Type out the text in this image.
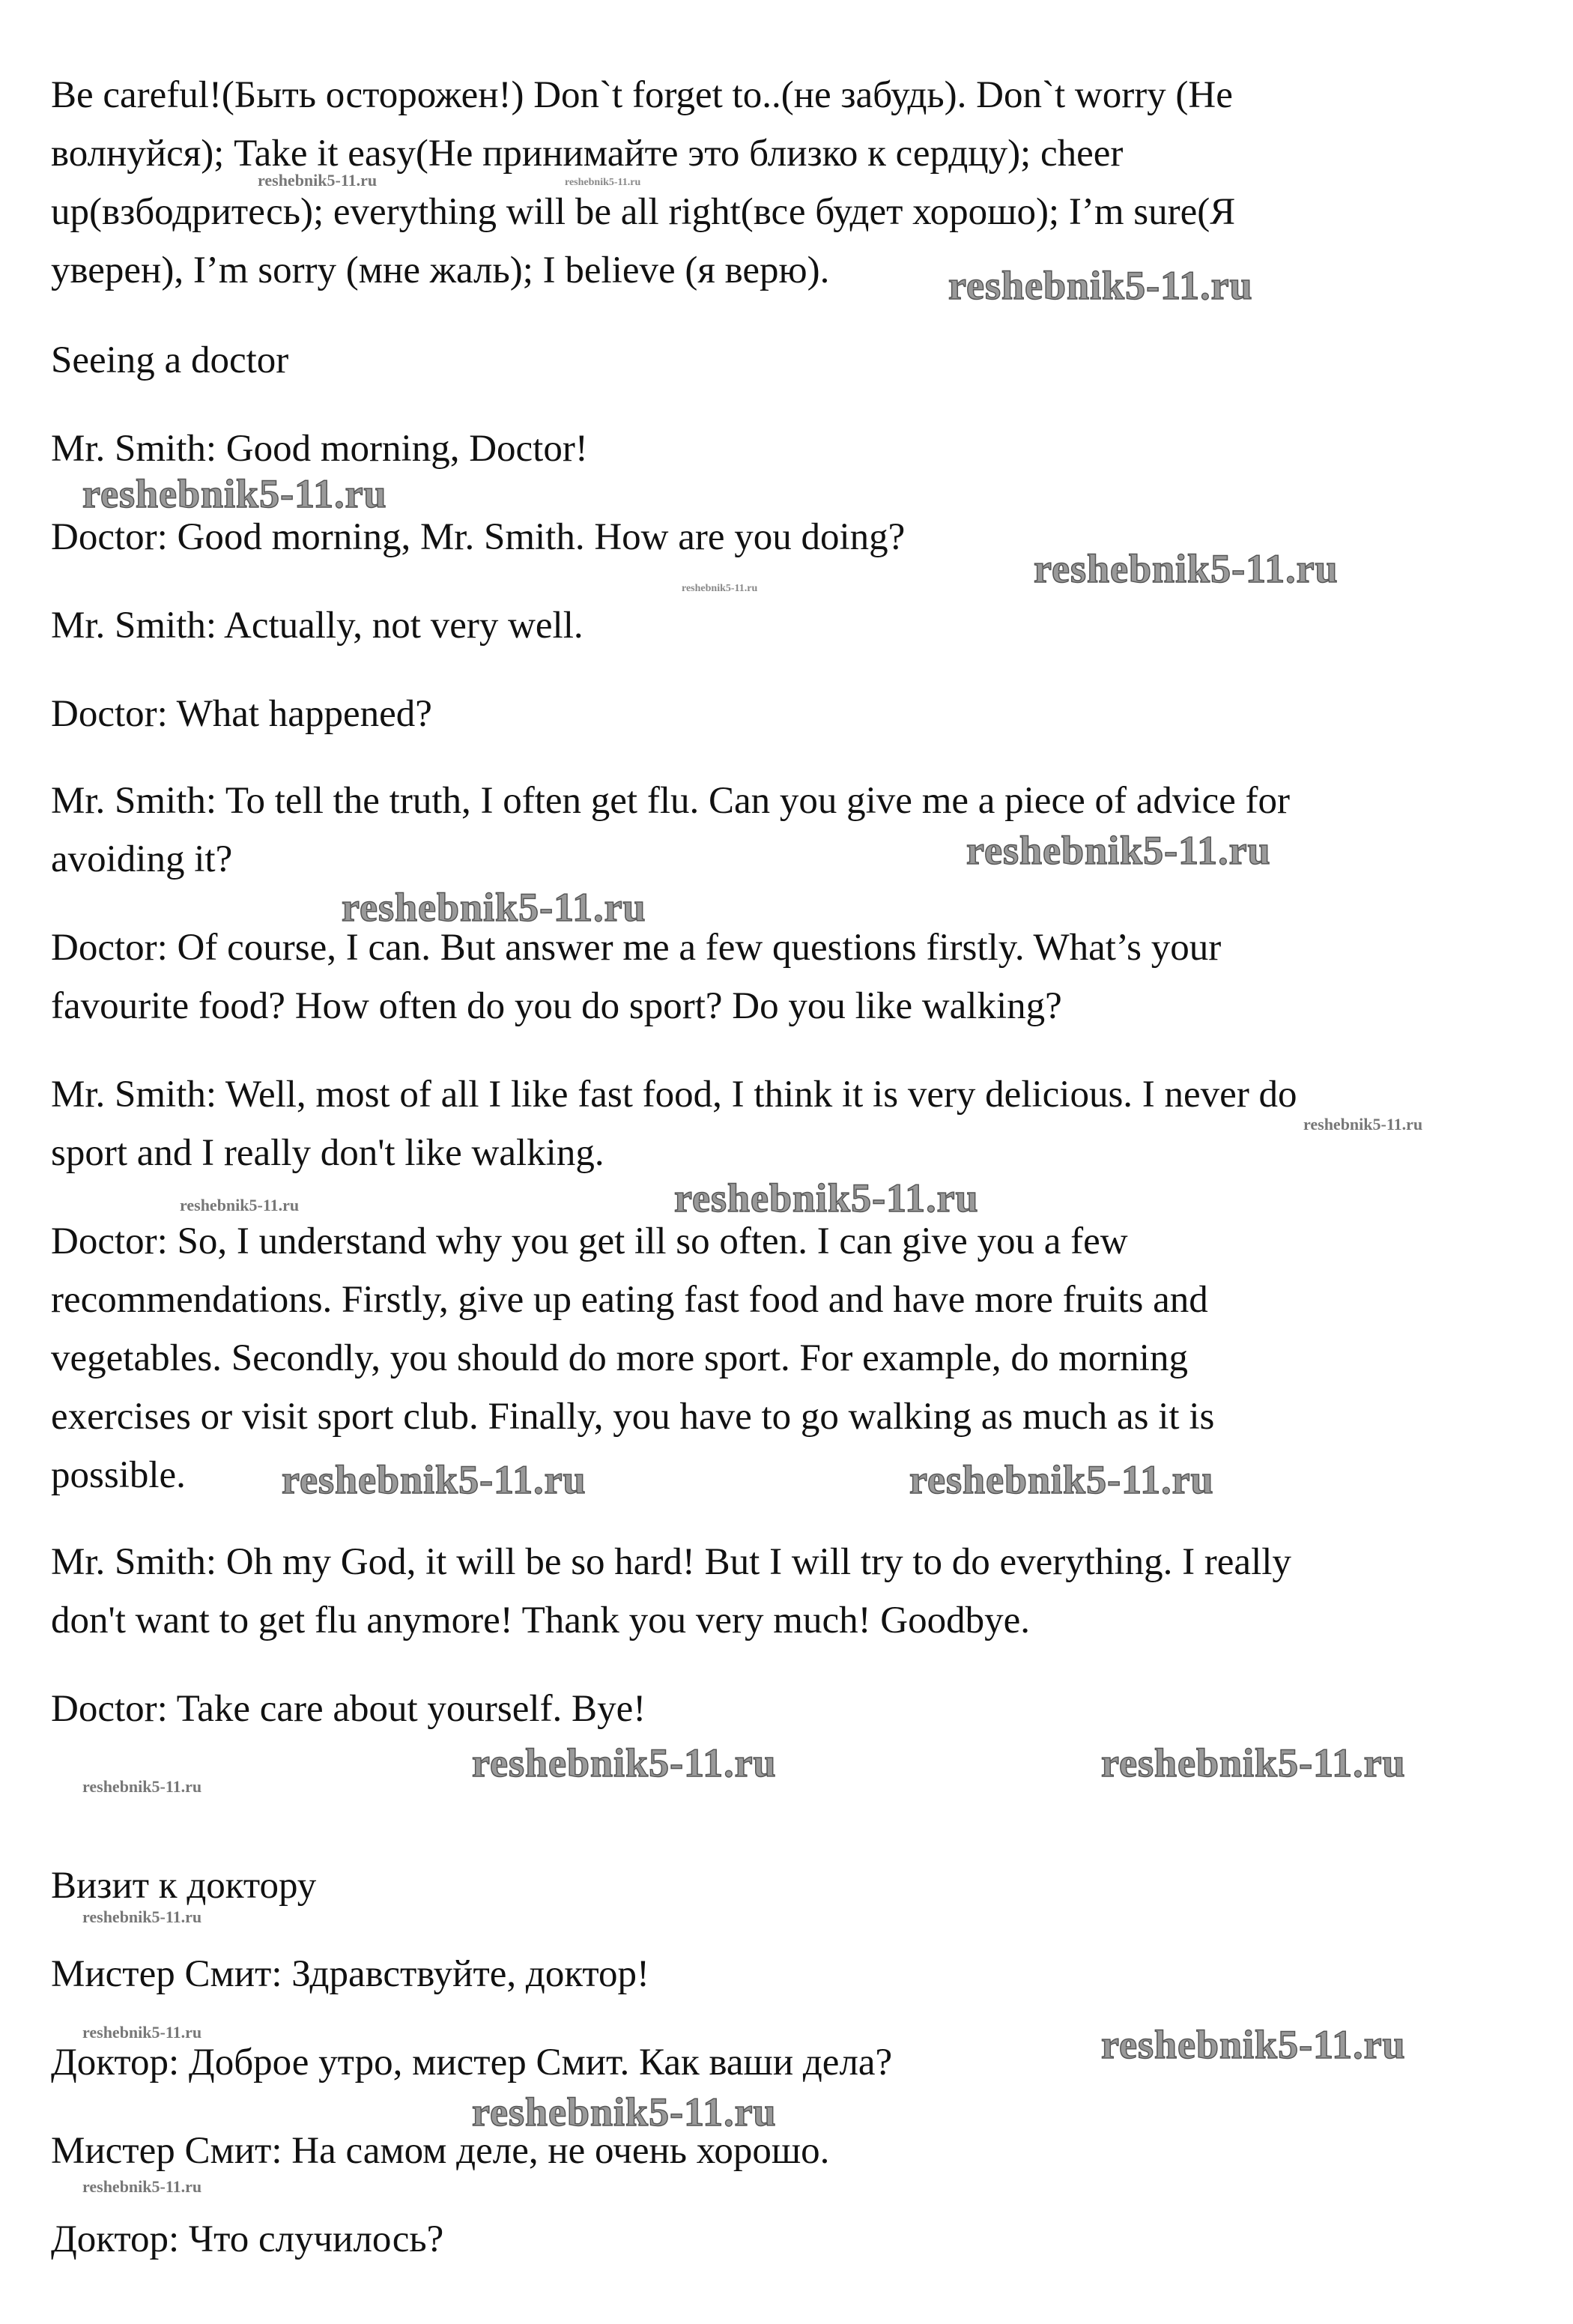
Be careful!(Быть осторожен!) Don`t forget to..(не забудь). Don`t worry (Не
волнуйся); Take it easy(Не принимайте это близко к сердцу); cheer
up(взбодритесь); everything will be all right(все будет хорошо); I’m sure(Я
уверен), I’m sorry (мне жаль); I believe (я верю).
Seeing a doctor
Mr. Smith: Good morning, Doctor!
Doctor: Good morning, Mr. Smith. How are you doing?
Mr. Smith: Actually, not very well.
Doctor: What happened?
Mr. Smith: To tell the truth, I often get flu. Can you give me a piece of advice for
avoiding it?
Doctor: Of course, I can. But answer me a few questions firstly. What’s your
favourite food? How often do you do sport? Do you like walking?
Mr. Smith: Well, most of all I like fast food, I think it is very delicious. I never do
sport and I really don't like walking.
Doctor: So, I understand why you get ill so often. I can give you a few
recommendations. Firstly, give up eating fast food and have more fruits and
vegetables. Secondly, you should do more sport. For example, do morning
exercises or visit sport club. Finally, you have to go walking as much as it is
possible.
Mr. Smith: Oh my God, it will be so hard! But I will try to do everything. I really
don't want to get flu anymore! Thank you very much! Goodbye.
Doctor: Take care about yourself. Bye!
Визит к доктору
Мистер Смит: Здравствуйте, доктор!
Доктор: Доброе утро, мистер Смит. Как ваши дела?
Мистер Смит: На самом деле, не очень хорошо.
Доктор: Что случилось?
reshebnik5-11.ru	reshebnik5-11.ru
reshebnik5-11.ru
reshebnik5-11.ru
reshebnik5-11.ru
reshebnik5-11.ru
reshebnik5-11.ru
reshebnik5-11.ru
reshebnik5-11.ru
reshebnik5-11.ru	reshebnik5-11.ru
reshebnik5-11.ru	reshebnik5-11.ru
reshebnik5-11.ru
reshebnik5-11.ru	reshebnik5-11.ru
reshebnik5-11.ru
reshebnik5-11.ru	reshebnik5-11.ru
reshebnik5-11.ru
reshebnik5-11.ru
